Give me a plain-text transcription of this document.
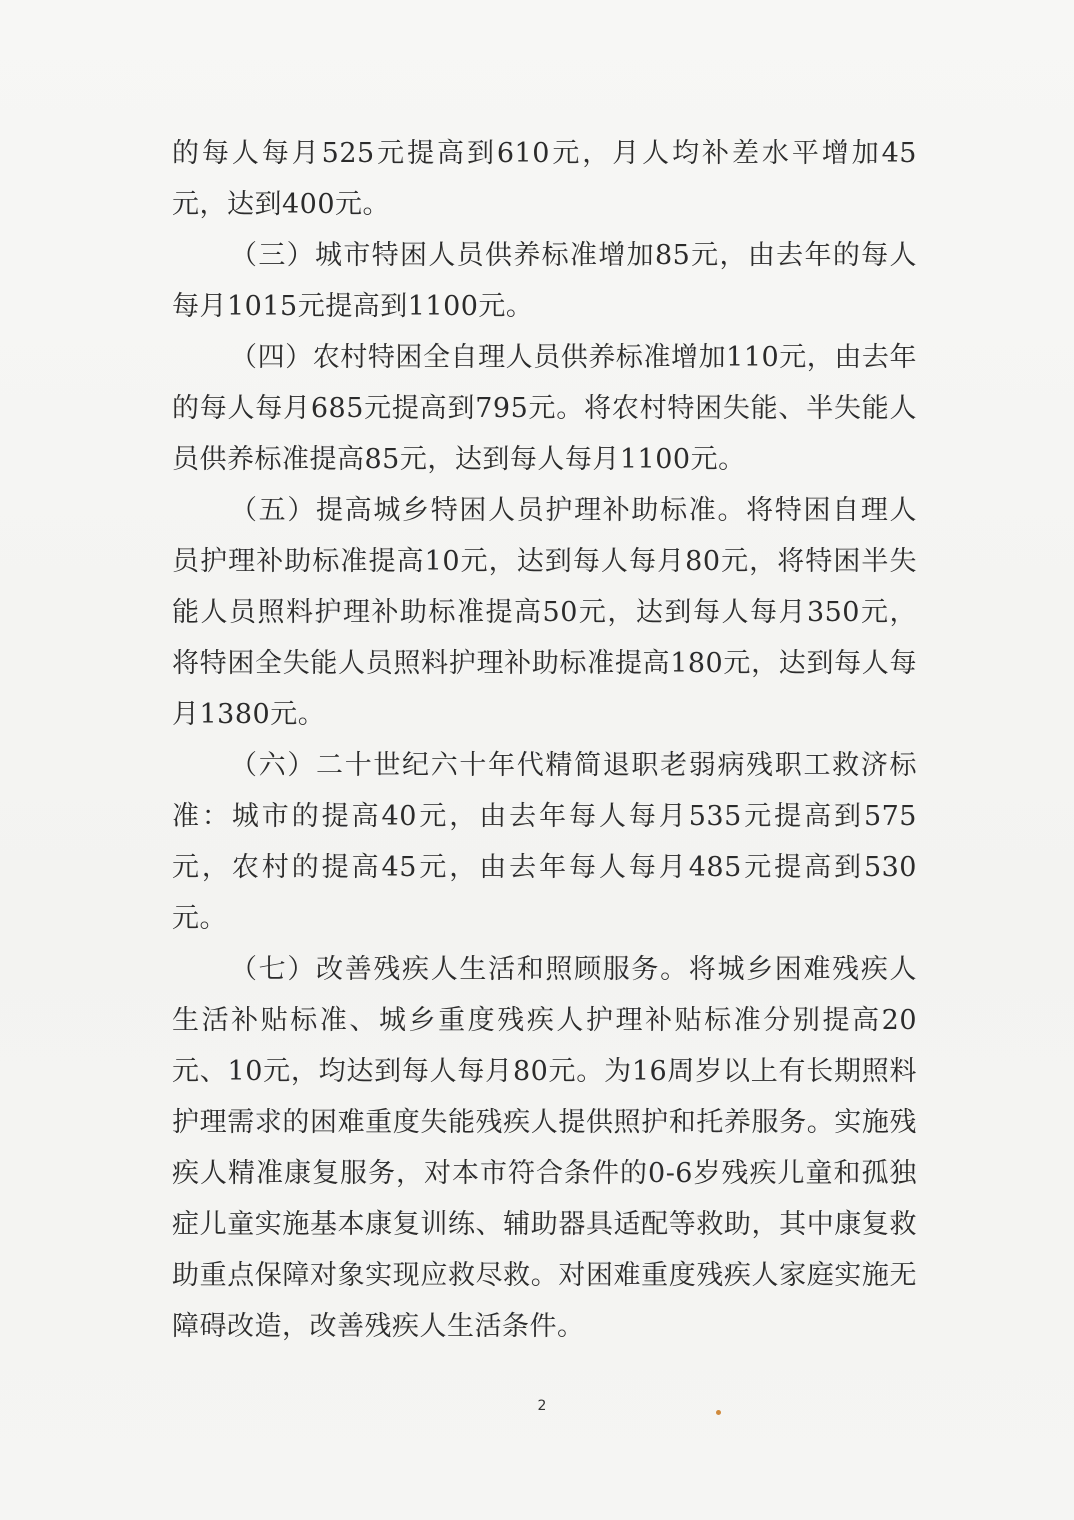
的每人每月525元提高到610元，月人均补差水平增加45元，达到400元。

（三）城市特困人员供养标准增加85元，由去年的每人每月1015元提高到1100元。

（四）农村特困全自理人员供养标准增加110元，由去年的每人每月685元提高到795元。将农村特困失能、半失能人员供养标准提高85元，达到每人每月1100元。

（五）提高城乡特困人员护理补助标准。将特困自理人员护理补助标准提高10元，达到每人每月80元，将特困半失能人员照料护理补助标准提高50元，达到每人每月350元，将特困全失能人员照料护理补助标准提高180元，达到每人每月1380元。

（六）二十世纪六十年代精简退职老弱病残职工救济标准：城市的提高40元，由去年每人每月535元提高到575元，农村的提高45元，由去年每人每月485元提高到530元。

（七）改善残疾人生活和照顾服务。将城乡困难残疾人生活补贴标准、城乡重度残疾人护理补贴标准分别提高20元、10元，均达到每人每月80元。为16周岁以上有长期照料护理需求的困难重度失能残疾人提供照护和托养服务。实施残疾人精准康复服务，对本市符合条件的0-6岁残疾儿童和孤独症儿童实施基本康复训练、辅助器具适配等救助，其中康复救助重点保障对象实现应救尽救。对困难重度残疾人家庭实施无障碍改造，改善残疾人生活条件。

2
